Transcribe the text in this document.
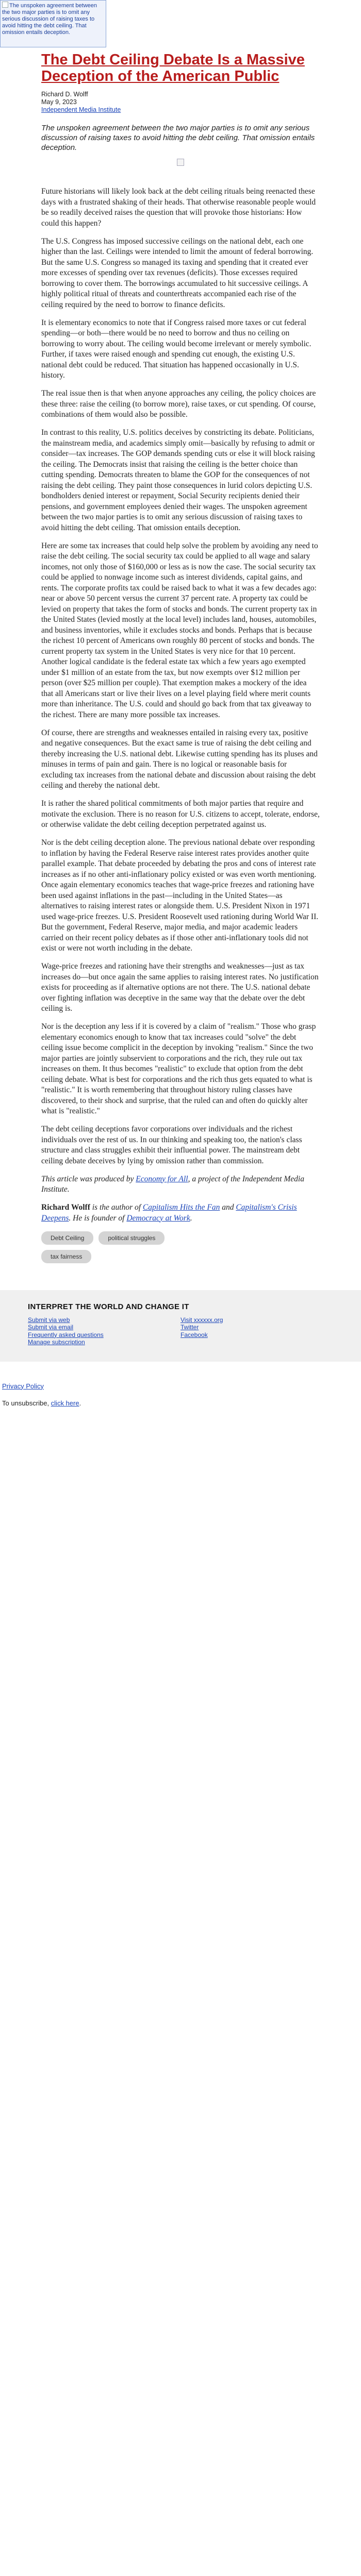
The unspoken agreement between the two major parties is to omit any serious discussion of raising taxes to avoid hitting the debt ceiling. That omission entails deception.
The Debt Ceiling Debate Is a Massive Deception of the American Public
Richard D. Wolff
May 9, 2023
Independent Media Institute
The unspoken agreement between the two major parties is to omit any serious discussion of raising taxes to avoid hitting the debt ceiling. That omission entails deception.

Future historians will likely look back at the debt ceiling rituals being reenacted these days with a frustrated shaking of their heads. That otherwise reasonable people would be so readily deceived raises the question that will provoke those historians: How could this happen?

The U.S. Congress has imposed successive ceilings on the national debt, each one higher than the last. Ceilings were intended to limit the amount of federal borrowing. But the same U.S. Congress so managed its taxing and spending that it created ever more excesses of spending over tax revenues (deficits). Those excesses required borrowing to cover them. The borrowings accumulated to hit successive ceilings. A highly political ritual of threats and counterthreats accompanied each rise of the ceiling required by the need to borrow to finance deficits.

It is elementary economics to note that if Congress raised more taxes or cut federal spending—or both—there would be no need to borrow and thus no ceiling on borrowing to worry about. The ceiling would become irrelevant or merely symbolic. Further, if taxes were raised enough and spending cut enough, the existing U.S. national debt could be reduced. That situation has happened occasionally in U.S. history.

The real issue then is that when anyone approaches any ceiling, the policy choices are these three: raise the ceiling (to borrow more), raise taxes, or cut spending. Of course, combinations of them would also be possible.

In contrast to this reality, U.S. politics deceives by constricting its debate. Politicians, the mainstream media, and academics simply omit—basically by refusing to admit or consider—tax increases. The GOP demands spending cuts or else it will block raising the ceiling. The Democrats insist that raising the ceiling is the better choice than cutting spending. Democrats threaten to blame the GOP for the consequences of not raising the debt ceiling. They paint those consequences in lurid colors depicting U.S. bondholders denied interest or repayment, Social Security recipients denied their pensions, and government employees denied their wages. The unspoken agreement between the two major parties is to omit any serious discussion of raising taxes to avoid hitting the debt ceiling. That omission entails deception.

Here are some tax increases that could help solve the problem by avoiding any need to raise the debt ceiling. The social security tax could be applied to all wage and salary incomes, not only those of $160,000 or less as is now the case. The social security tax could be applied to nonwage income such as interest dividends, capital gains, and rents. The corporate profits tax could be raised back to what it was a few decades ago: near or above 50 percent versus the current 37 percent rate. A property tax could be levied on property that takes the form of stocks and bonds. The current property tax in the United States (levied mostly at the local level) includes land, houses, automobiles, and business inventories, while it excludes stocks and bonds. Perhaps that is because the richest 10 percent of Americans own roughly 80 percent of stocks and bonds. The current property tax system in the United States is very nice for that 10 percent. Another logical candidate is the federal estate tax which a few years ago exempted under $1 million of an estate from the tax, but now exempts over $12 million per person (over $25 million per couple). That exemption makes a mockery of the idea that all Americans start or live their lives on a level playing field where merit counts more than inheritance. The U.S. could and should go back from that tax giveaway to the richest. There are many more possible tax increases.

Of course, there are strengths and weaknesses entailed in raising every tax, positive and negative consequences. But the exact same is true of raising the debt ceiling and thereby increasing the U.S. national debt. Likewise cutting spending has its pluses and minuses in terms of pain and gain. There is no logical or reasonable basis for excluding tax increases from the national debate and discussion about raising the debt ceiling and thereby the national debt.

It is rather the shared political commitments of both major parties that require and motivate the exclusion. There is no reason for U.S. citizens to accept, tolerate, endorse, or otherwise validate the debt ceiling deception perpetrated against us.

Nor is the debt ceiling deception alone. The previous national debate over responding to inflation by having the Federal Reserve raise interest rates provides another quite parallel example. That debate proceeded by debating the pros and cons of interest rate increases as if no other anti-inflationary policy existed or was even worth mentioning. Once again elementary economics teaches that wage-price freezes and rationing have been used against inflations in the past—including in the United States—as alternatives to raising interest rates or alongside them. U.S. President Nixon in 1971 used wage-price freezes. U.S. President Roosevelt used rationing during World War II. But the government, Federal Reserve, major media, and major academic leaders carried on their recent policy debates as if those other anti-inflationary tools did not exist or were not worth including in the debate.

Wage-price freezes and rationing have their strengths and weaknesses—just as tax increases do—but once again the same applies to raising interest rates. No justification exists for proceeding as if alternative options are not there. The U.S. national debate over fighting inflation was deceptive in the same way that the debate over the debt ceiling is.

Nor is the deception any less if it is covered by a claim of "realism." Those who grasp elementary economics enough to know that tax increases could "solve" the debt ceiling issue become complicit in the deception by invoking "realism." Since the two major parties are jointly subservient to corporations and the rich, they rule out tax increases on them. It thus becomes "realistic" to exclude that option from the debt ceiling debate. What is best for corporations and the rich thus gets equated to what is "realistic." It is worth remembering that throughout history ruling classes have discovered, to their shock and surprise, that the ruled can and often do quickly alter what is "realistic."

The debt ceiling deceptions favor corporations over individuals and the richest individuals over the rest of us. In our thinking and speaking too, the nation's class structure and class struggles exhibit their influential power. The mainstream debt ceiling debate deceives by lying by omission rather than commission.

This article was produced by Economy for All, a project of the Independent Media Institute.

Richard Wolff is the author of Capitalism Hits the Fan and Capitalism's Crisis Deepens. He is founder of Democracy at Work.

Debt Ceiling	political struggles
tax fairness
INTERPRET THE WORLD AND CHANGE IT
Submit via web
Submit via email
Frequently asked questions
Manage subscription
Visit xxxxxx.org
Twitter
Facebook

Privacy Policy

To unsubscribe, click here.
